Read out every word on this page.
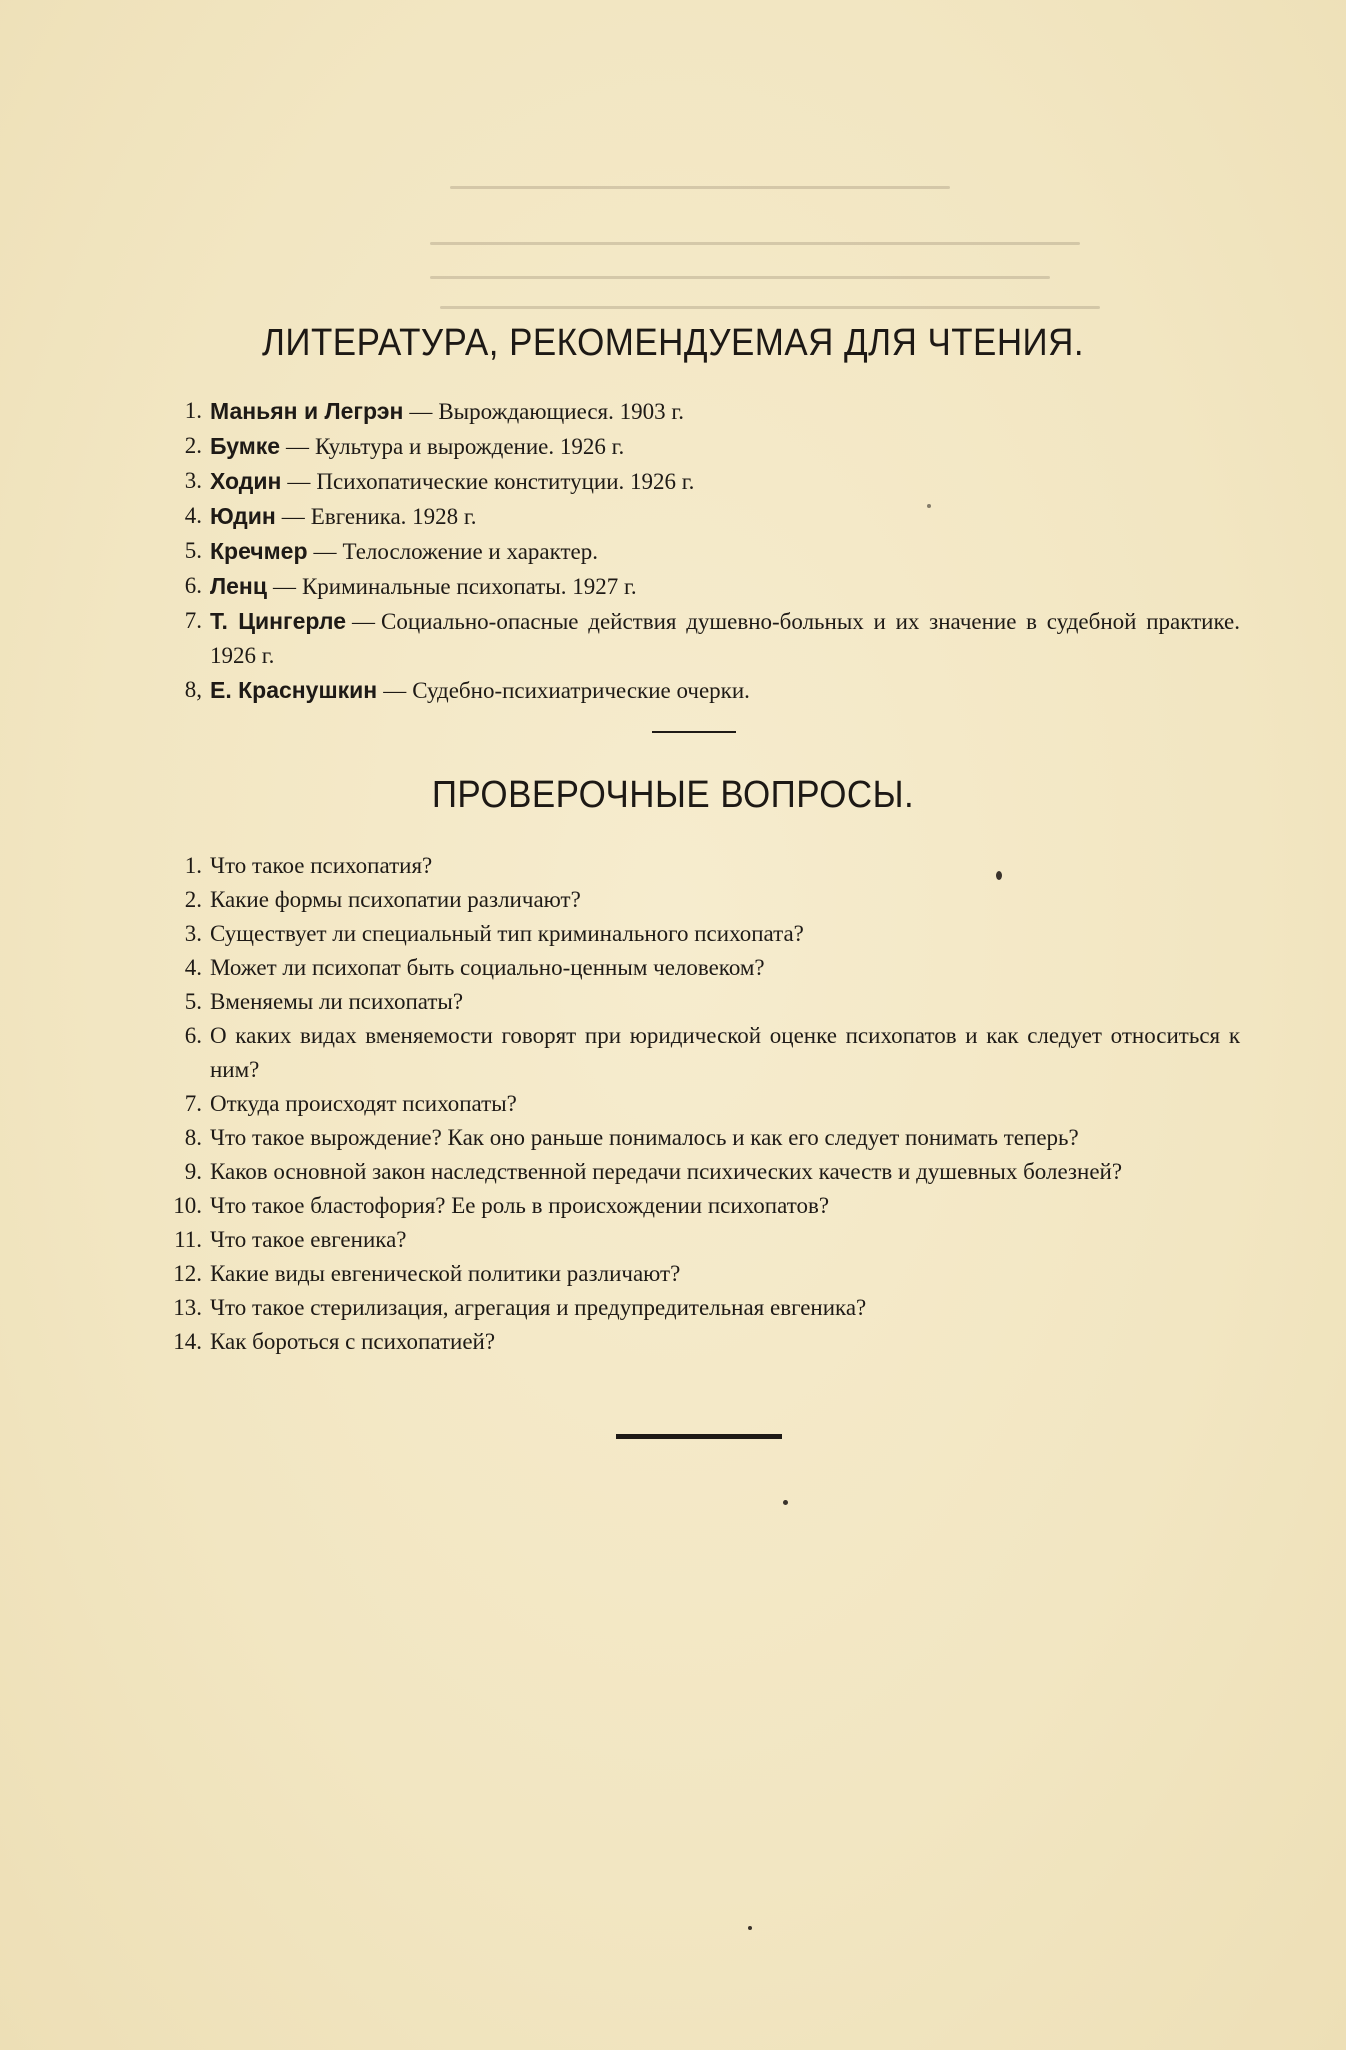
ЛИТЕРАТУРА, РЕКОМЕНДУЕМАЯ ДЛЯ ЧТЕНИЯ.
1. Маньян и Легрэн — Вырождающиеся. 1903 г.
2. Бумке — Культура и вырождение. 1926 г.
3. Ходин — Психопатические конституции. 1926 г.
4. Юдин — Евгеника. 1928 г.
5. Кречмер — Телосложение и характер.
6. Ленц — Криминальные психопаты. 1927 г.
7. Т. Цингерле — Социально-опасные действия душевно-больных и их значение в судебной практике. 1926 г.
8, Е. Краснушкин — Судебно-психиатрические очерки.
ПРОВЕРОЧНЫЕ ВОПРОСЫ.
1. Что такое психопатия?
2. Какие формы психопатии различают?
3. Существует ли специальный тип криминального психопата?
4. Может ли психопат быть социально-ценным человеком?
5. Вменяемы ли психопаты?
6. О каких видах вменяемости говорят при юридической оценке психопатов и как следует относиться к ним?
7. Откуда происходят психопаты?
8. Что такое вырождение? Как оно раньше понималось и как его следует понимать теперь?
9. Каков основной закон наследственной передачи психических качеств и душевных болезней?
10. Что такое бластофория? Ее роль в происхождении психопатов?
11. Что такое евгеника?
12. Какие виды евгенической политики различают?
13. Что такое стерилизация, агрегация и предупредительная евгеника?
14. Как бороться с психопатией?
